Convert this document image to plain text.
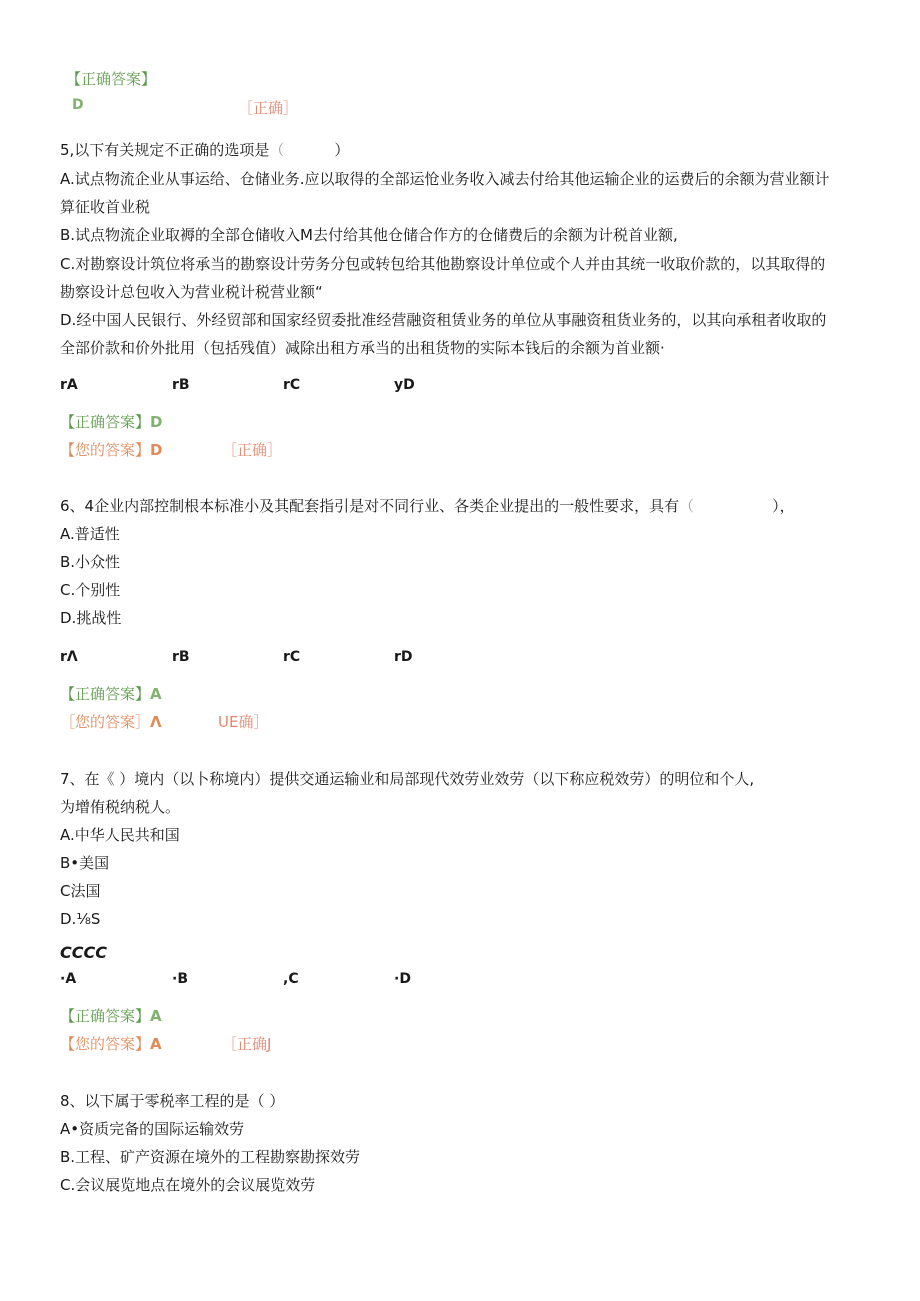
【正确答案】
D	［正确］
5,以下有关规定不正确的选项是（	）
A.试点物流企业从事运给、仓储业务.应以取得的全部运怆业务收入减去付给其他运输企业的运费后的余额为营业额计
算征收首业税
B.试点物流企业取褥的全部仓储收入M去付给其他仓储合作方的仓储费后的余额为计税首业额,
C.对勘察设计筑位将承当的勘察设计劳务分包或转包给其他勘察设计单位或个人并由其统一收取价款的，以其取得的
勘察设计总包收入为营业税计税营业额“
D.经中国人民银行、外经贸部和国家经贸委批准经营融资租赁业务的单位从事融资租货业务的，以其向承租者收取的
全部价款和价外批用（包括残值）减除出租方承当的出租货物的实际本钱后的余额为首业额·
rA	rB	rC	yD
【正确答案】D
【您的答案】D	［正确］
6、4企业内部控制根本标准小及其配套指引是对不同行业、各类企业提出的一般性要求，具有（	），
A.普适性
B.小众性
C.个别性
D.挑战性
rΛ	rB	rC	rD
【正确答案】A
［您的答案］Λ	UE确］
7、在《 ）境内（以卜称境内）提供交通运输业和局部现代效劳业效劳（以下称应税效劳）的明位和个人,
为增侑税纳税人。
A.中华人民共和国
B•美国
C法国
D.⅛S
CCCC
·A	·B	,C	·D
【正确答案】A
【您的答案】A	［正确J
8、以下属于零税率工程的是（ ）
A•资质完备的国际运输效劳
B.工程、矿产资源在境外的工程勘察勘探效劳
C.会议展览地点在境外的会议展览效劳
